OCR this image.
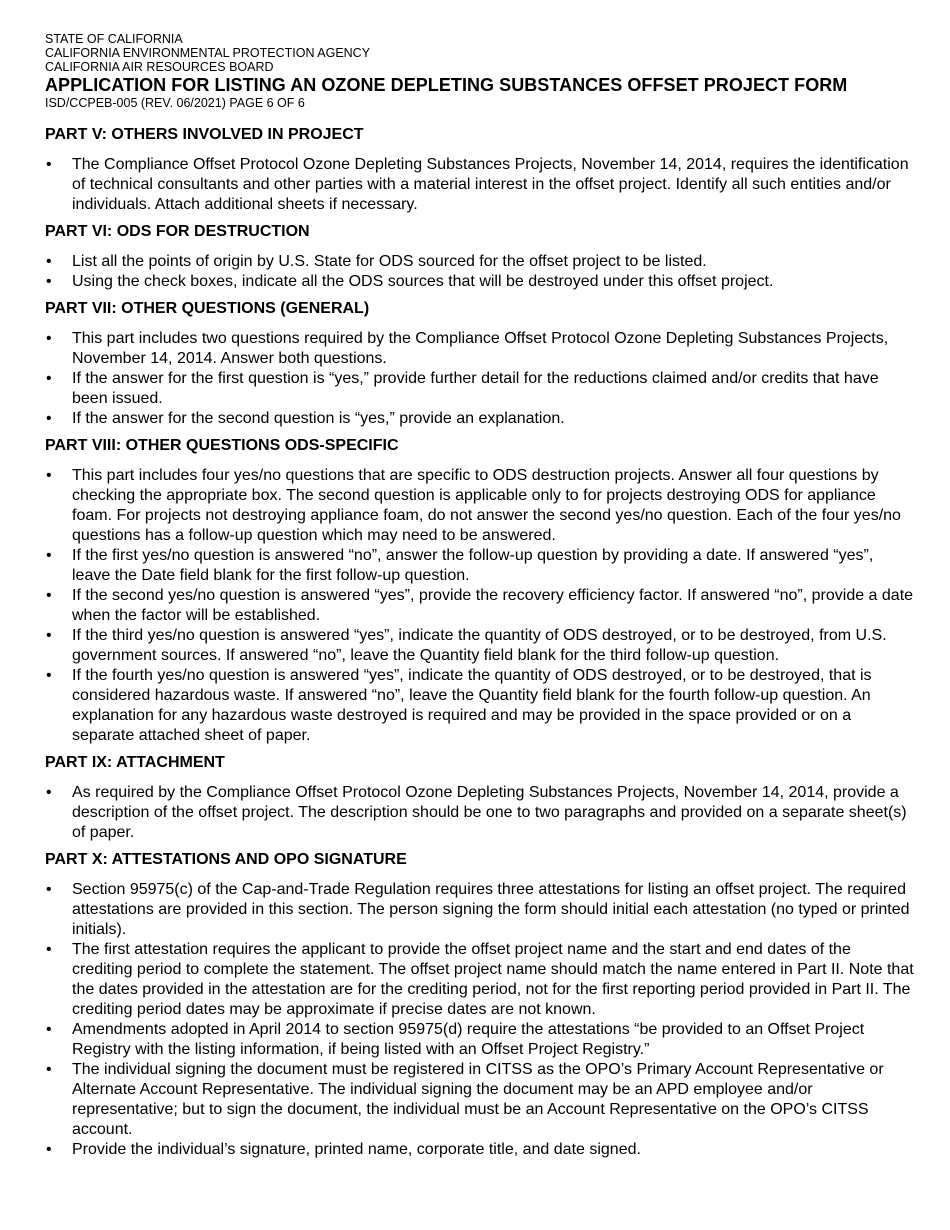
STATE OF CALIFORNIA

CALIFORNIA ENVIRONMENTAL PROTECTION AGENCY

CALIFORNIA AIR RESOURCES BOARD

APPLICATION FOR LISTING AN OZONE DEPLETING SUBSTANCES OFFSET PROJECT FORM

ISD/CCPEB-005 (REV. 06/2021) PAGE 6 OF 6

PART V: OTHERS INVOLVED IN PROJECT

• The Compliance Offset Protocol Ozone Depleting Substances Projects, November 14, 2014, requires the identification of technical consultants and other parties with a material interest in the offset project. Identify all such entities and/or individuals. Attach additional sheets if necessary.

PART VI: ODS FOR DESTRUCTION

• List all the points of origin by U.S. State for ODS sourced for the offset project to be listed.
• Using the check boxes, indicate all the ODS sources that will be destroyed under this offset project.

PART VII: OTHER QUESTIONS (GENERAL)

• This part includes two questions required by the Compliance Offset Protocol Ozone Depleting Substances Projects, November 14, 2014. Answer both questions.
• If the answer for the first question is “yes,” provide further detail for the reductions claimed and/or credits that have been issued.
• If the answer for the second question is “yes,” provide an explanation.

PART VIII: OTHER QUESTIONS ODS-SPECIFIC

• This part includes four yes/no questions that are specific to ODS destruction projects. Answer all four questions by checking the appropriate box. The second question is applicable only to for projects destroying ODS for appliance foam. For projects not destroying appliance foam, do not answer the second yes/no question. Each of the four yes/no questions has a follow-up question which may need to be answered.
• If the first yes/no question is answered “no”, answer the follow-up question by providing a date. If answered “yes”, leave the Date field blank for the first follow-up question.
• If the second yes/no question is answered “yes”, provide the recovery efficiency factor. If answered “no”, provide a date when the factor will be established.
• If the third yes/no question is answered “yes”, indicate the quantity of ODS destroyed, or to be destroyed, from U.S. government sources. If answered “no”, leave the Quantity field blank for the third follow-up question.
• If the fourth yes/no question is answered “yes”, indicate the quantity of ODS destroyed, or to be destroyed, that is considered hazardous waste. If answered “no”, leave the Quantity field blank for the fourth follow-up question. An explanation for any hazardous waste destroyed is required and may be provided in the space provided or on a separate attached sheet of paper.

PART IX: ATTACHMENT

• As required by the Compliance Offset Protocol Ozone Depleting Substances Projects, November 14, 2014, provide a description of the offset project. The description should be one to two paragraphs and provided on a separate sheet(s) of paper.

PART X: ATTESTATIONS AND OPO SIGNATURE

• Section 95975(c) of the Cap-and-Trade Regulation requires three attestations for listing an offset project. The required attestations are provided in this section. The person signing the form should initial each attestation (no typed or printed initials).
• The first attestation requires the applicant to provide the offset project name and the start and end dates of the crediting period to complete the statement. The offset project name should match the name entered in Part II. Note that the dates provided in the attestation are for the crediting period, not for the first reporting period provided in Part II. The crediting period dates may be approximate if precise dates are not known.
• Amendments adopted in April 2014 to section 95975(d) require the attestations “be provided to an Offset Project Registry with the listing information, if being listed with an Offset Project Registry.”
• The individual signing the document must be registered in CITSS as the OPO’s Primary Account Representative or Alternate Account Representative. The individual signing the document may be an APD employee and/or representative; but to sign the document, the individual must be an Account Representative on the OPO’s CITSS account.
• Provide the individual’s signature, printed name, corporate title, and date signed.
